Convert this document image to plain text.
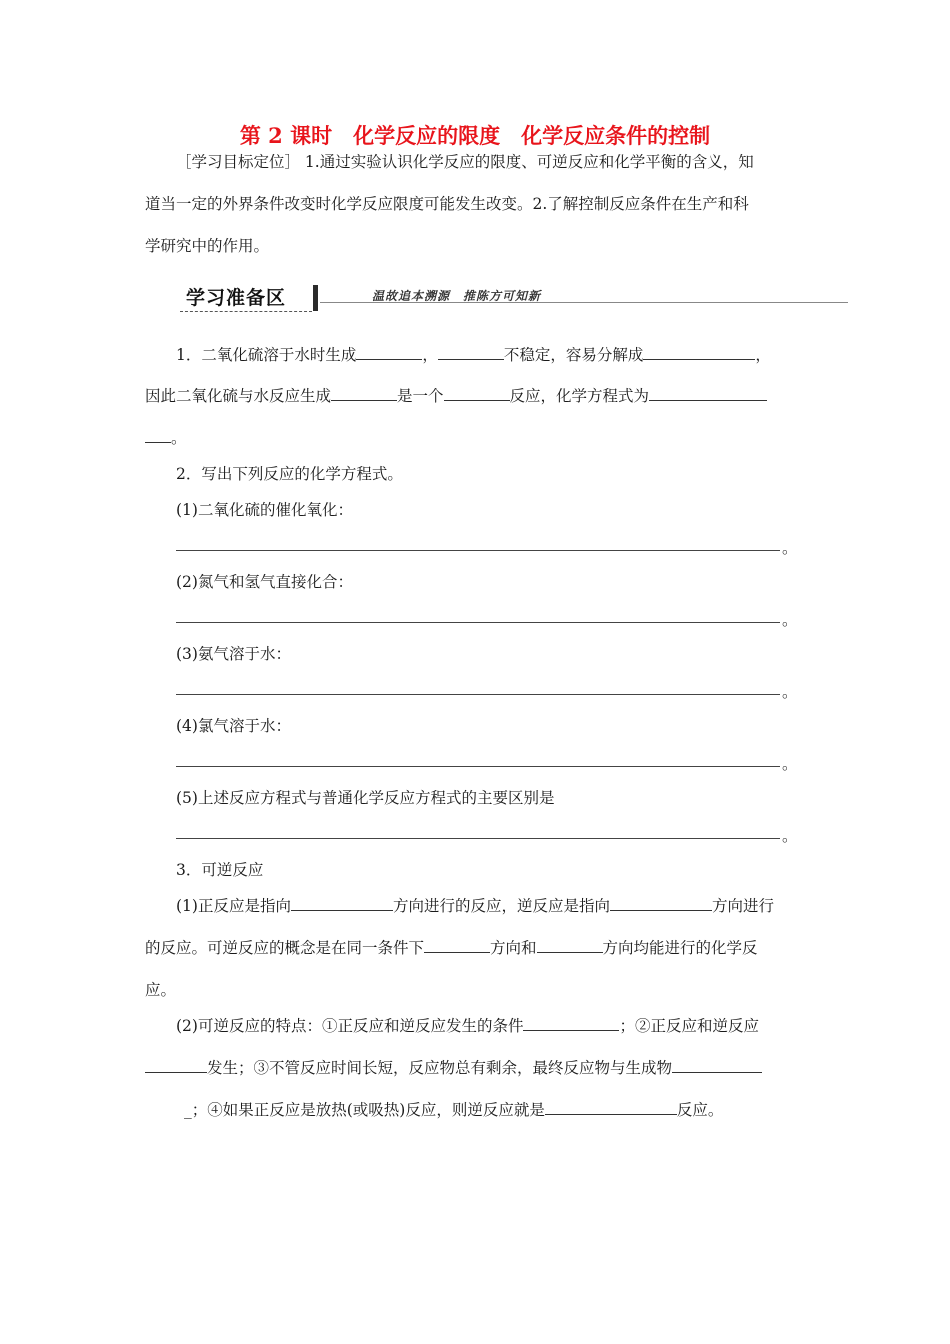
第 2 课时　化学反应的限度　化学反应条件的控制
［学习目标定位］ 1.通过实验认识化学反应的限度、可逆反应和化学平衡的含义，知
道当一定的外界条件改变时化学反应限度可能发生改变。2.了解控制反应条件在生产和科
学研究中的作用。
学习准备区	温故追本溯源　推陈方可知新
1．二氧化硫溶于水时生成	，	不稳定，容易分解成	，
因此二氧化硫与水反应生成	是一个	反应，化学方程式为
。
2．写出下列反应的化学方程式。
(1)二氧化硫的催化氧化：
。
(2)氮气和氢气直接化合：
。
(3)氨气溶于水：
。
(4)氯气溶于水：
。
(5)上述反应方程式与普通化学反应方程式的主要区别是
。
3．可逆反应
(1)正反应是指向	方向进行的反应，逆反应是指向	方向进行
的反应。可逆反应的概念是在同一条件下	方向和	方向均能进行的化学反
应。
(2)可逆反应的特点：①正反应和逆反应发生的条件	；②正反应和逆反应
发生；③不管反应时间长短，反应物总有剩余，最终反应物与生成物
_；④如果正反应是放热(或吸热)反应，则逆反应就是	反应。
